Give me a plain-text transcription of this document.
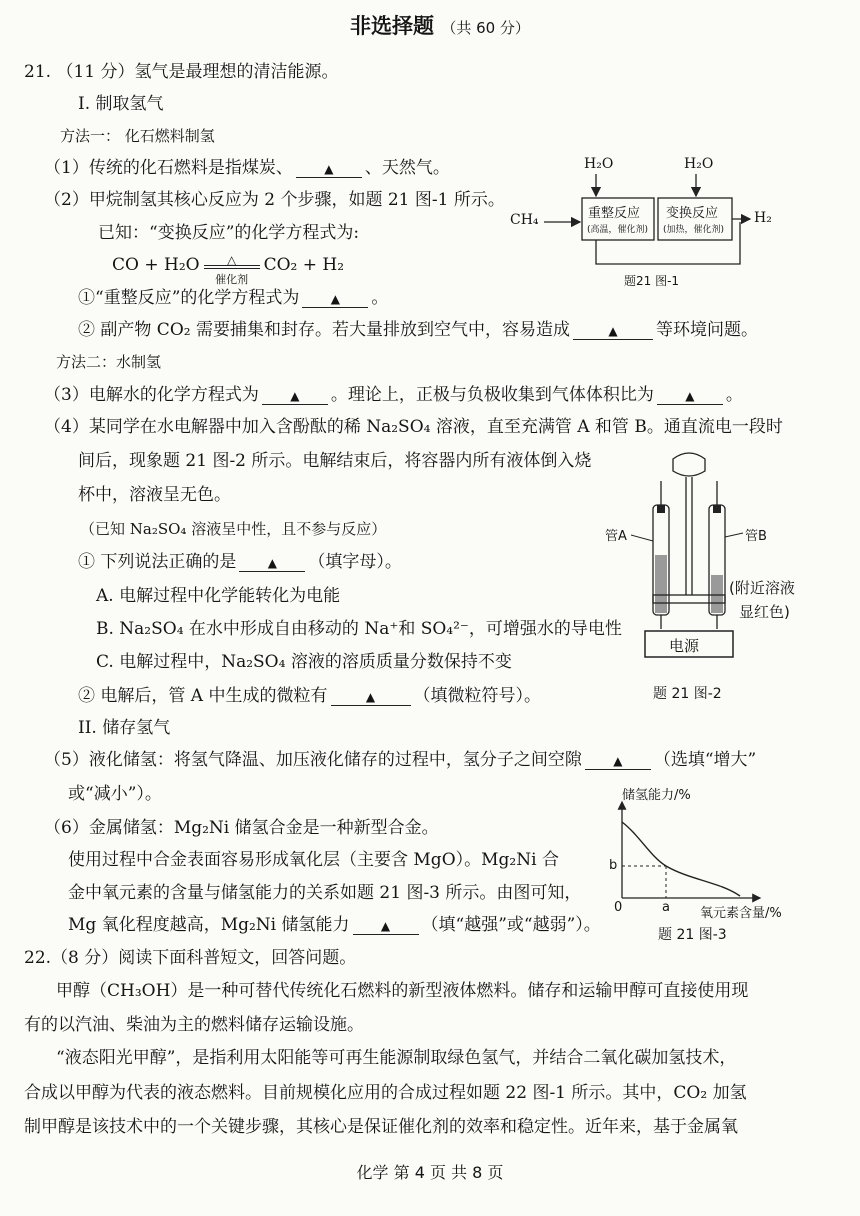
非选择题 （共 60 分）
21. （11 分）氢气是最理想的清洁能源。
I. 制取氢气
方法一： 化石燃料制氢
（1）传统的化石燃料是指煤炭、	▲ 、天然气。
（2）甲烷制氢其核心反应为 2 个步骤，如题 21 图-1 所示。
已知：“变换反应”的化学方程式为:
CO + H₂O	△
催化剂
CO₂ + H₂
①“重整反应”的化学方程式为	▲ 。
② 副产物 CO₂ 需要捕集和封存。若大量排放到空气中，容易造成	▲ 等环境问题。
方法二：水制氢
（3）电解水的化学方程式为	▲ 。理论上，正极与负极收集到气体体积比为	▲ 。
（4）某同学在水电解器中加入含酚酞的稀 Na₂SO₄ 溶液，直至充满管 A 和管 B。通直流电一段时
间后，现象题 21 图-2 所示。电解结束后，将容器内所有液体倒入烧
杯中，溶液呈无色。
（已知 Na₂SO₄ 溶液呈中性，且不参与反应）
① 下列说法正确的是	▲ （填字母）。
A. 电解过程中化学能转化为电能
B. Na₂SO₄ 在水中形成自由移动的 Na⁺和 SO₄²⁻，可增强水的导电性
C. 电解过程中，Na₂SO₄ 溶液的溶质质量分数保持不变
② 电解后，管 A 中生成的微粒有	▲ （填微粒符号）。
II. 储存氢气
（5）液化储氢：将氢气降温、加压液化储存的过程中，氢分子之间空隙	▲ （选填“增大”
或“减小”）。
（6）金属储氢：Mg₂Ni 储氢合金是一种新型合金。
使用过程中合金表面容易形成氧化层（主要含 MgO）。Mg₂Ni 合
金中氧元素的含量与储氢能力的关系如题 21 图-3 所示。由图可知，
Mg 氧化程度越高，Mg₂Ni 储氢能力	▲ （填“越强”或“越弱”）。
22.（8 分）阅读下面科普短文，回答问题。
甲醇（CH₃OH）是一种可替代传统化石燃料的新型液体燃料。储存和运输甲醇可直接使用现
有的以汽油、柴油为主的燃料储存运输设施。
“液态阳光甲醇”，是指利用太阳能等可再生能源制取绿色氢气，并结合二氧化碳加氢技术，
合成以甲醇为代表的液态燃料。目前规模化应用的合成过程如题 22 图-1 所示。其中，CO₂ 加氢
制甲醇是该技术中的一个关键步骤，其核心是保证催化剂的效率和稳定性。近年来，基于金属氧
CH₄
H₂O	H₂O
重整反应
(高温，催化剂)
变换反应
(加热，催化剂)
H₂
题21 图-1
管A	管B
(附近溶液
显红色)
电源
题 21 图-2
储氢能力/%
氧元素含量/%
0
b
a
题 21 图-3
化学 第 4 页 共 8 页
